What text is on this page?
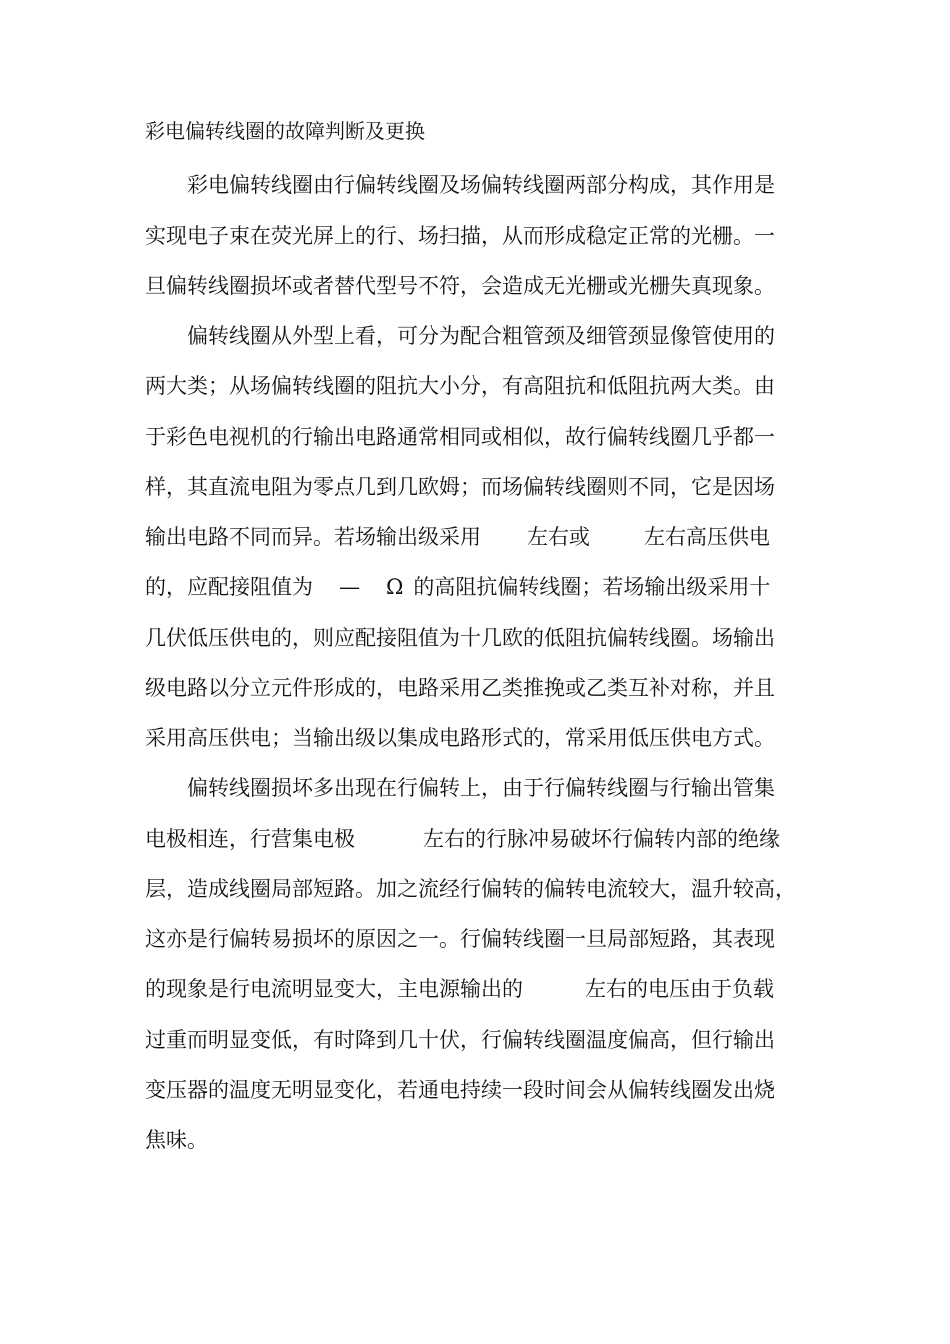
彩电偏转线圈的故障判断及更换
彩电偏转线圈由行偏转线圈及场偏转线圈两部分构成，其作用是
实现电子束在荧光屏上的行、场扫描，从而形成稳定正常的光栅。一
旦偏转线圈损坏或者替代型号不符，会造成无光栅或光栅失真现象。
偏转线圈从外型上看，可分为配合粗管颈及细管颈显像管使用的
两大类；从场偏转线圈的阻抗大小分，有高阻抗和低阻抗两大类。由
于彩色电视机的行输出电路通常相同或相似，故行偏转线圈几乎都一
样，其直流电阻为零点几到几欧姆；而场偏转线圈则不同，它是因场
输出电路不同而异。若场输出级采用 左右或	左右高压供电
的，应配接阻值为 — Ω 的高阻抗偏转线圈；若场输出级采用十
几伏低压供电的，则应配接阻值为十几欧的低阻抗偏转线圈。场输出
级电路以分立元件形成的，电路采用乙类推挽或乙类互补对称，并且
采用高压供电；当输出级以集成电路形式的，常采用低压供电方式。
偏转线圈损坏多出现在行偏转上，由于行偏转线圈与行输出管集
电极相连，行营集电极	左右的行脉冲易破坏行偏转内部的绝缘
层，造成线圈局部短路。加之流经行偏转的偏转电流较大，温升较高，
这亦是行偏转易损坏的原因之一。行偏转线圈一旦局部短路，其表现
的现象是行电流明显变大，主电源输出的	左右的电压由于负载
过重而明显变低，有时降到几十伏，行偏转线圈温度偏高，但行输出
变压器的温度无明显变化，若通电持续一段时间会从偏转线圈发出烧
焦味。
